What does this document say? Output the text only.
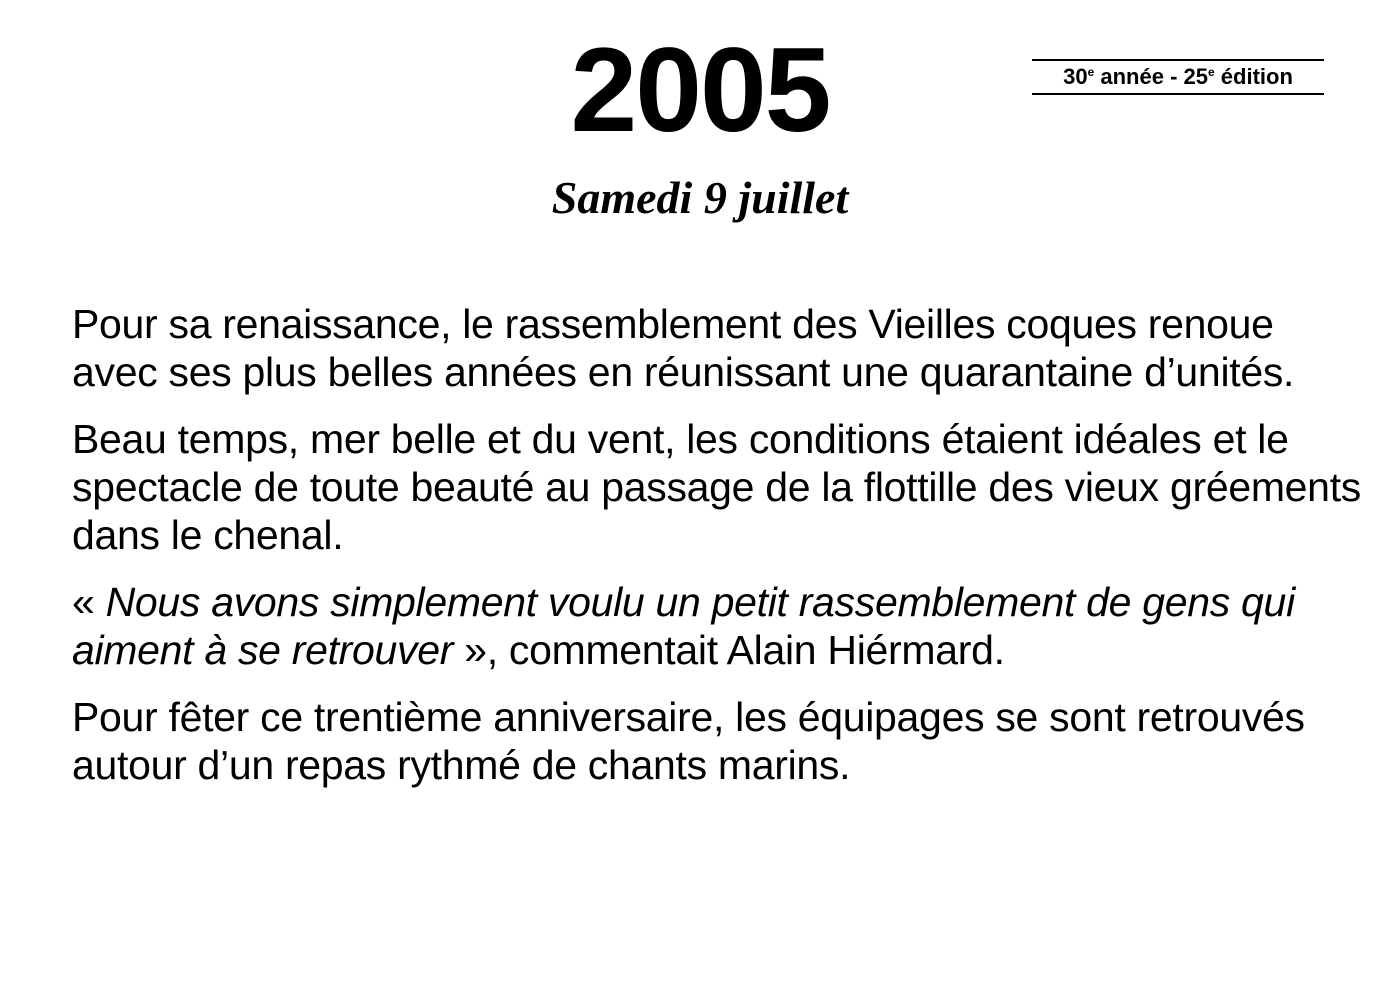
2005	30e année - 25e édition
Samedi 9 juillet

Pour sa renaissance, le rassemblement des Vieilles coques renoue avec ses plus belles années en réunissant une quarantaine d’unités.

Beau temps, mer belle et du vent, les conditions étaient idéales et le spectacle de toute beauté au passage de la flottille des vieux gréements dans le chenal.

« Nous avons simplement voulu un petit rassemblement de gens qui aiment à se retrouver », commentait Alain Hiérmard.

Pour fêter ce trentième anniversaire, les équipages se sont retrouvés autour d’un repas rythmé de chants marins.
